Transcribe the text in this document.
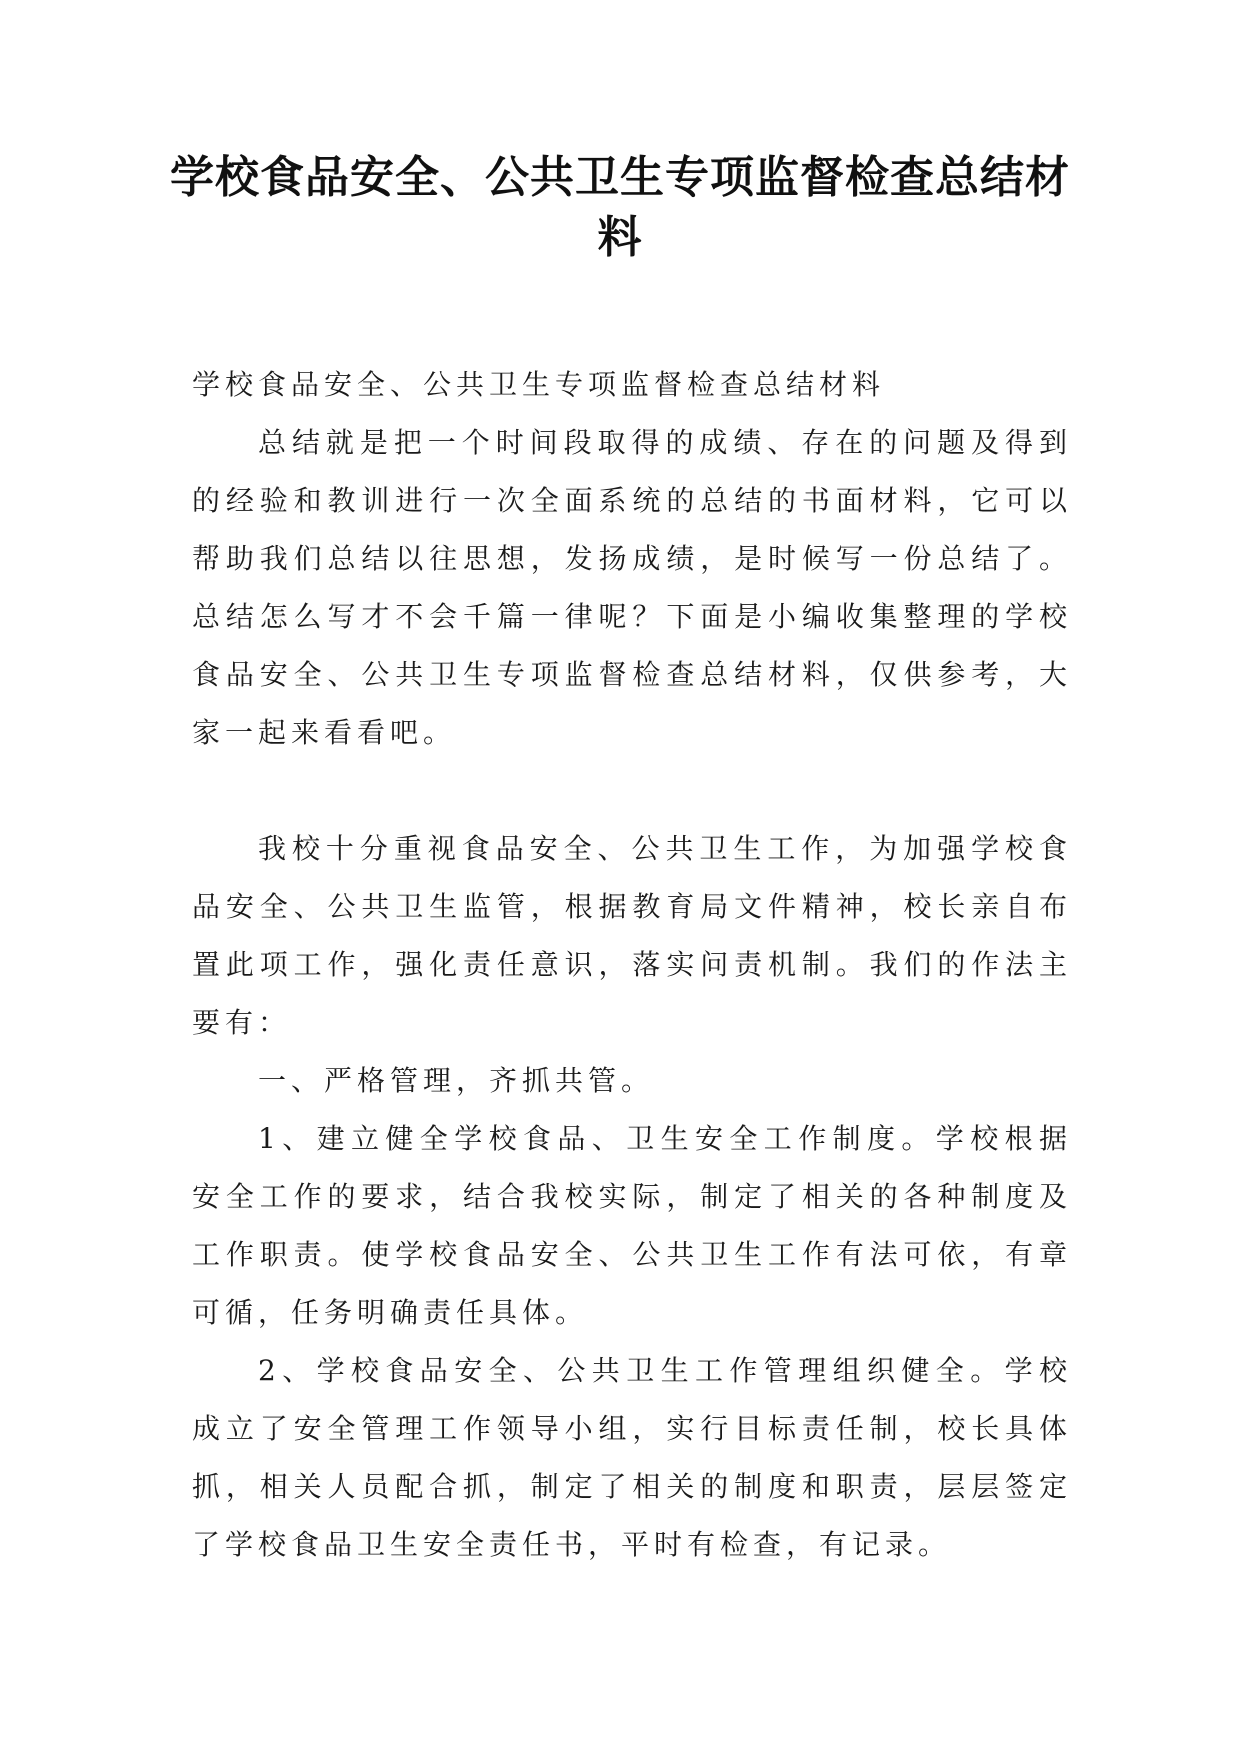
学校食品安全、公共卫生专项监督检查总结材料

学校食品安全、公共卫生专项监督检查总结材料

总结就是把一个时间段取得的成绩、存在的问题及得到的经验和教训进行一次全面系统的总结的书面材料，它可以帮助我们总结以往思想，发扬成绩，是时候写一份总结了。总结怎么写才不会千篇一律呢？下面是小编收集整理的学校食品安全、公共卫生专项监督检查总结材料，仅供参考，大家一起来看看吧。

我校十分重视食品安全、公共卫生工作，为加强学校食品安全、公共卫生监管，根据教育局文件精神，校长亲自布置此项工作，强化责任意识，落实问责机制。我们的作法主要有：

一、严格管理，齐抓共管。

1、建立健全学校食品、卫生安全工作制度。学校根据安全工作的要求，结合我校实际，制定了相关的各种制度及工作职责。使学校食品安全、公共卫生工作有法可依，有章可循，任务明确责任具体。

2、学校食品安全、公共卫生工作管理组织健全。学校成立了安全管理工作领导小组，实行目标责任制，校长具体抓，相关人员配合抓，制定了相关的制度和职责，层层签定了学校食品卫生安全责任书，平时有检查，有记录。
